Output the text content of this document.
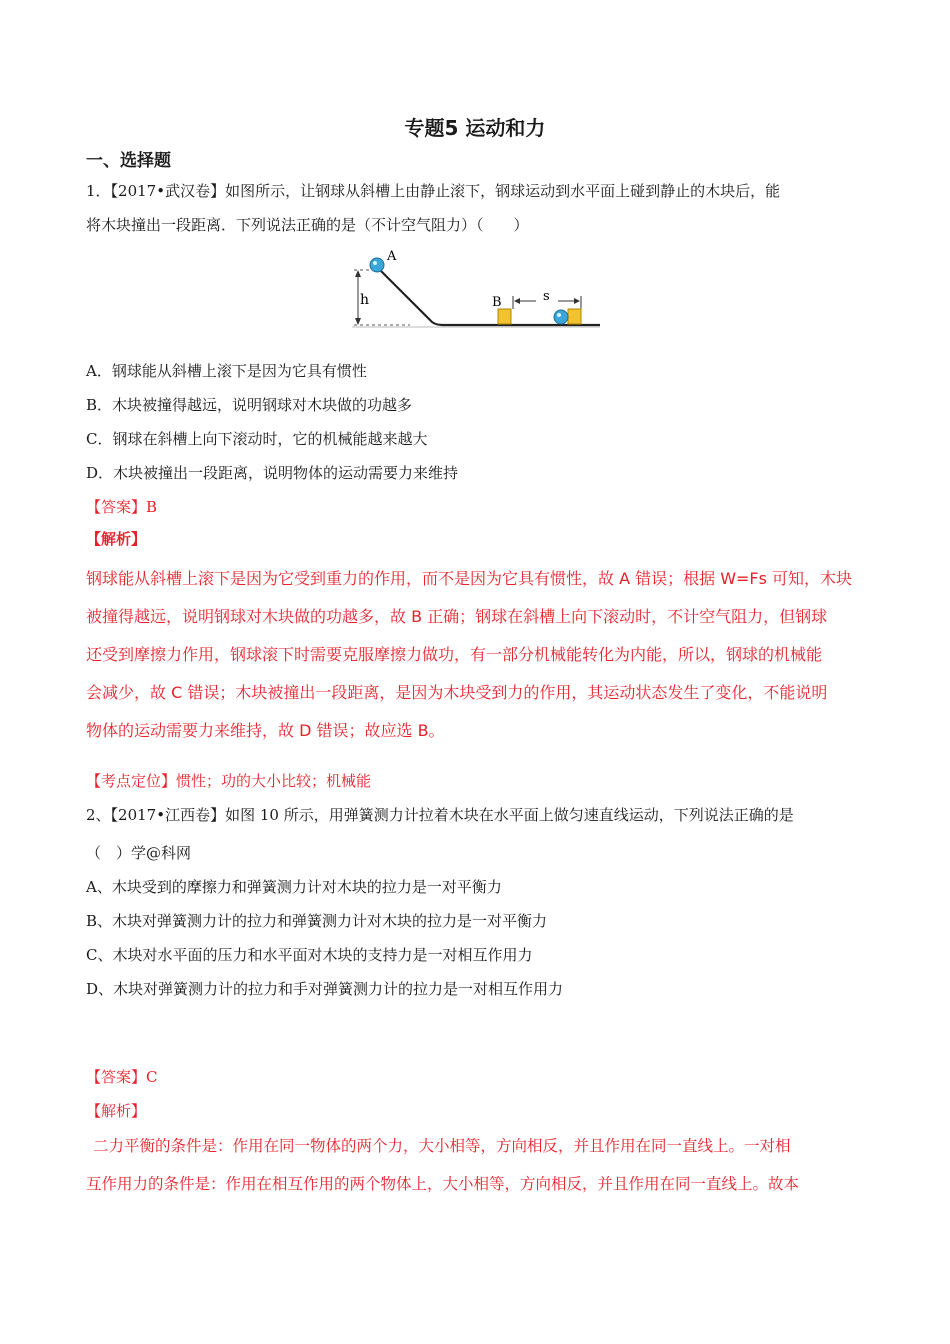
专题5 运动和力
一、选择题
1．【2017•武汉卷】如图所示，让钢球从斜槽上由静止滚下，钢球运动到水平面上碰到静止的木块后，能
将木块撞出一段距离．下列说法正确的是（不计空气阻力）（　　）
h
A
B	s
A．钢球能从斜槽上滚下是因为它具有惯性
B．木块被撞得越远，说明钢球对木块做的功越多
C．钢球在斜槽上向下滚动时，它的机械能越来越大
D．木块被撞出一段距离，说明物体的运动需要力来维持
【答案】B
【解析】
钢球能从斜槽上滚下是因为它受到重力的作用，而不是因为它具有惯性，故 A 错误；根据 W=Fs 可知，木块
被撞得越远，说明钢球对木块做的功越多，故 B 正确；钢球在斜槽上向下滚动时，不计空气阻力，但钢球
还受到摩擦力作用，钢球滚下时需要克服摩擦力做功，有一部分机械能转化为内能，所以，钢球的机械能
会减少，故 C 错误；木块被撞出一段距离，是因为木块受到力的作用，其运动状态发生了变化，不能说明
物体的运动需要力来维持，故 D 错误；故应选 B。
【考点定位】惯性；功的大小比较；机械能
2、【2017•江西卷】如图 10 所示，用弹簧测力计拉着木块在水平面上做匀速直线运动，下列说法正确的是
（　）学@科网
A、木块受到的摩擦力和弹簧测力计对木块的拉力是一对平衡力
B、木块对弹簧测力计的拉力和弹簧测力计对木块的拉力是一对平衡力
C、木块对水平面的压力和水平面对木块的支持力是一对相互作用力
D、木块对弹簧测力计的拉力和手对弹簧测力计的拉力是一对相互作用力
【答案】C
【解析】
二力平衡的条件是：作用在同一物体的两个力，大小相等，方向相反，并且作用在同一直线上。一对相
互作用力的条件是：作用在相互作用的两个物体上，大小相等，方向相反，并且作用在同一直线上。故本
